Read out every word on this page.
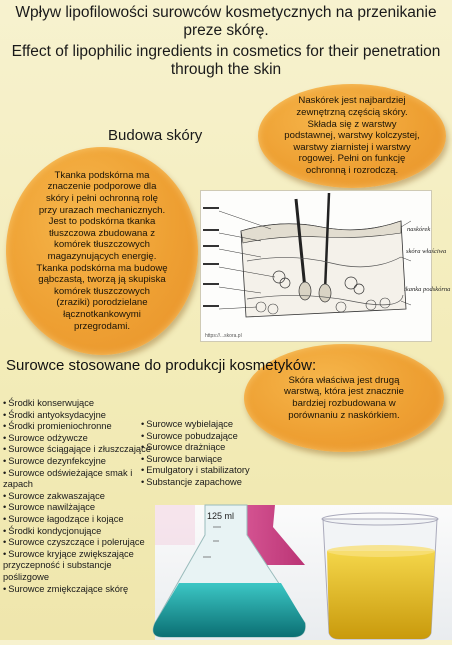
Wpływ lipofilowości surowców kosmetycznych na przenikanie preze skórę.

Effect of lipophilic ingredients in cosmetics for their penetration through the skin

Budowa skóry
Naskórek jest najbardziej zewnętrzną częścią skóry. Składa się z warstwy podstawnej, warstwy kolczystej, warstwy ziarnistej i warstwy rogowej. Pełni on funkcję ochronną i rozrodczą.
Tkanka podskórna ma znaczenie podporowe dla skóry i pełni ochronną rolę przy urazach mechanicznych. Jest to podskórna tkanka tłuszczowa zbudowana z komórek tłuszczowych magazynujących energię. Tkanka podskórna ma budowę gąbczastą, tworzą ją skupiska komórek tłuszczowych (zraziki) porodzielane łącznotkankowymi przegrodami.
naskórek
skóra właściwa
tkanka podskórna
https://...skora.pl
Skóra właściwa jest drugą warstwą, która jest znacznie bardziej rozbudowana w porównaniu z naskórkiem.
Surowce stosowane do produkcji kosmetyków:
• Środki konserwujące
• Środki antyoksydacyjne
• Środki promieniochronne
• Surowce odżywcze
• Surowce ściągające i złuszczające
• Surowce dezynfekcyjne
• Surowce odświeżające smak i zapach
• Surowce zakwaszające
• Surowce nawilżające
• Surowce łagodzące i kojące
• Środki kondycjonujące
• Surowce czyszczące i polerujące
• Surowce kryjące zwiększające przyczepność i substancje poślizgowe
• Surowce zmiękczające skórę
• Surowce wybielające
• Surowce pobudzające
• Surowce drażniące
• Surowce barwiące
• Emulgatory i stabilizatory
• Substancje zapachowe
125 ml
